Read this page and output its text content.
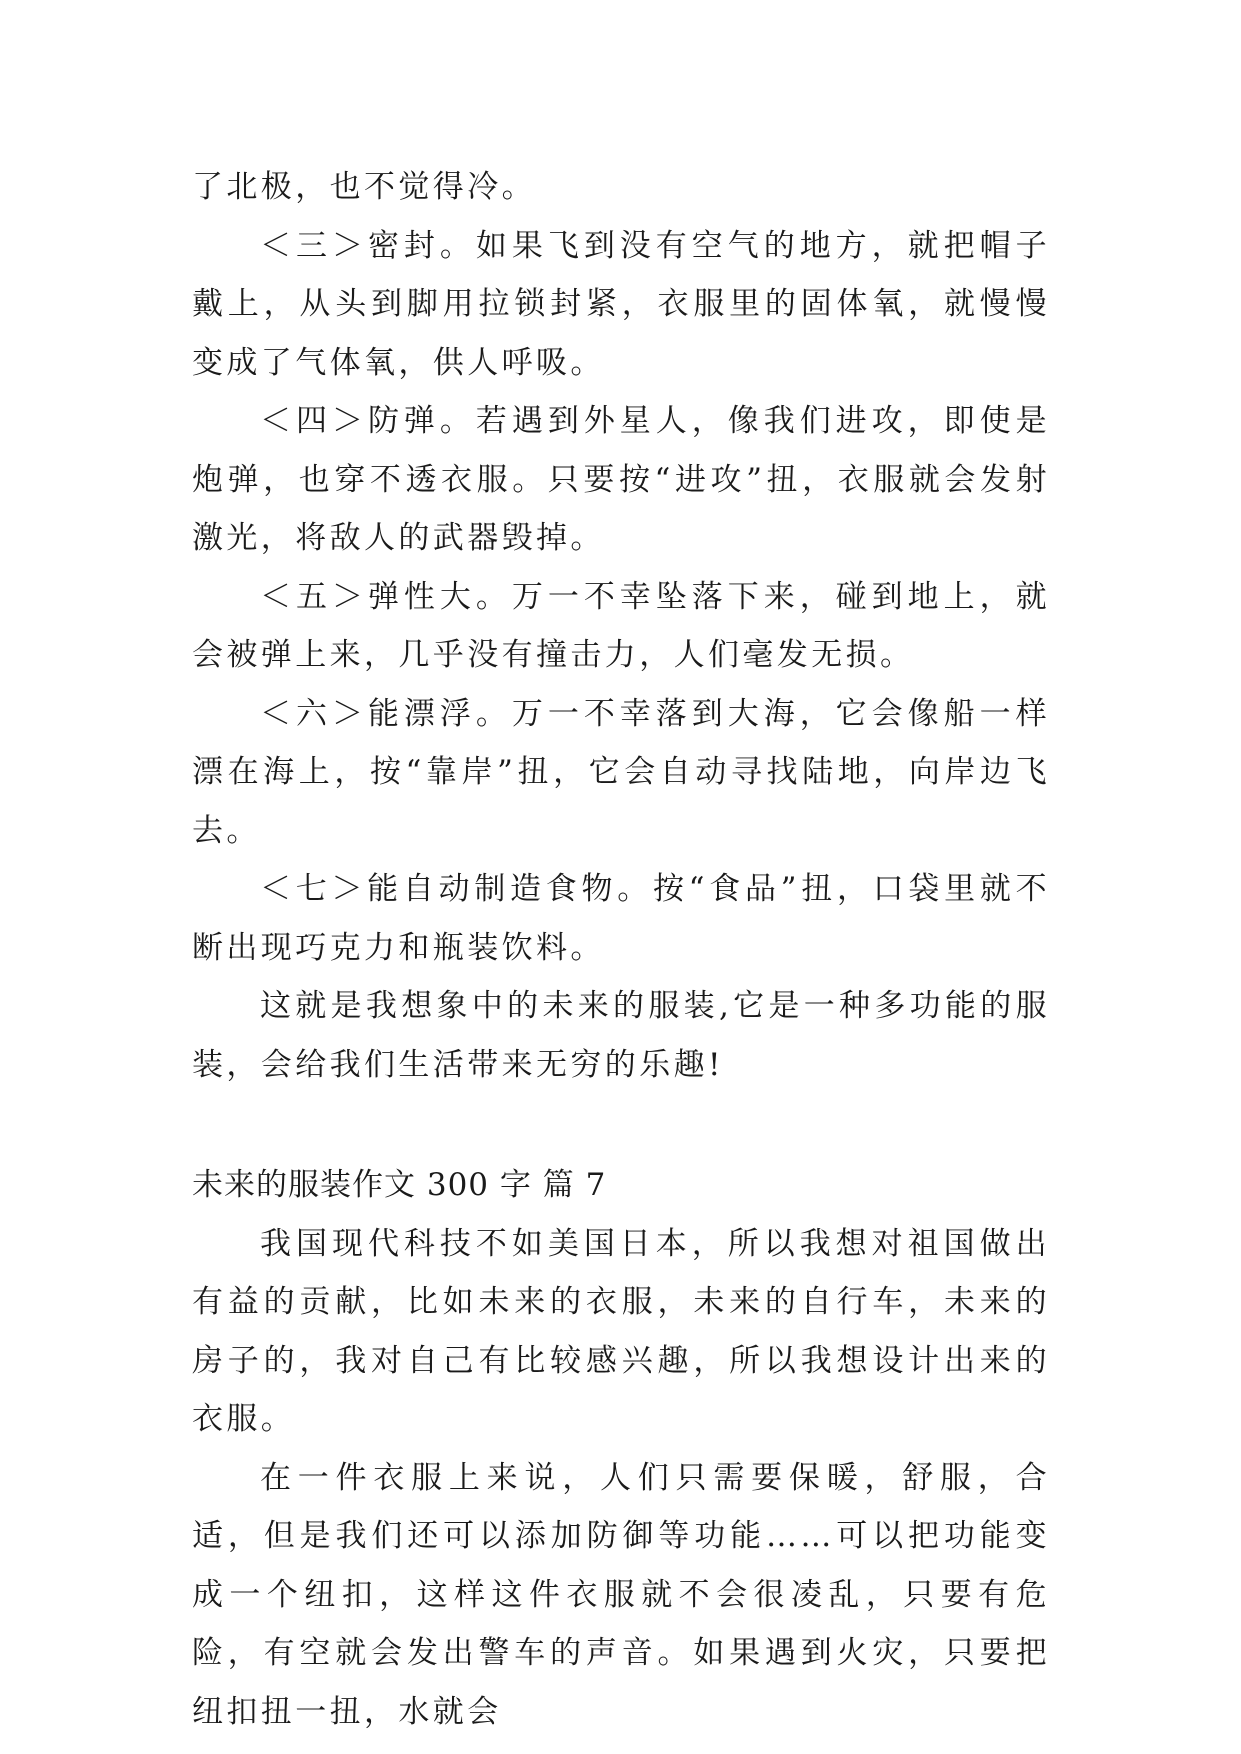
了北极，也不觉得冷。

＜三＞密封。如果飞到没有空气的地方，就把帽子戴上，从头到脚用拉锁封紧，衣服里的固体氧，就慢慢变成了气体氧，供人呼吸。

＜四＞防弹。若遇到外星人，像我们进攻，即使是炮弹，也穿不透衣服。只要按“进攻”扭，衣服就会发射激光，将敌人的武器毁掉。

＜五＞弹性大。万一不幸坠落下来，碰到地上，就会被弹上来，几乎没有撞击力，人们毫发无损。

＜六＞能漂浮。万一不幸落到大海，它会像船一样漂在海上，按“靠岸”扭，它会自动寻找陆地，向岸边飞去。

＜七＞能自动制造食物。按“食品”扭，口袋里就不断出现巧克力和瓶装饮料。

这就是我想象中的未来的服装,它是一种多功能的服装，会给我们生活带来无穷的乐趣!

未来的服装作文 300 字 篇 7

我国现代科技不如美国日本，所以我想对祖国做出有益的贡献，比如未来的衣服，未来的自行车，未来的房子的，我对自己有比较感兴趣，所以我想设计出来的衣服。

在一件衣服上来说，人们只需要保暖，舒服，合适，但是我们还可以添加防御等功能……可以把功能变成一个纽扣，这样这件衣服就不会很凌乱，只要有危险，有空就会发出警车的声音。如果遇到火灾，只要把纽扣扭一扭，水就会
